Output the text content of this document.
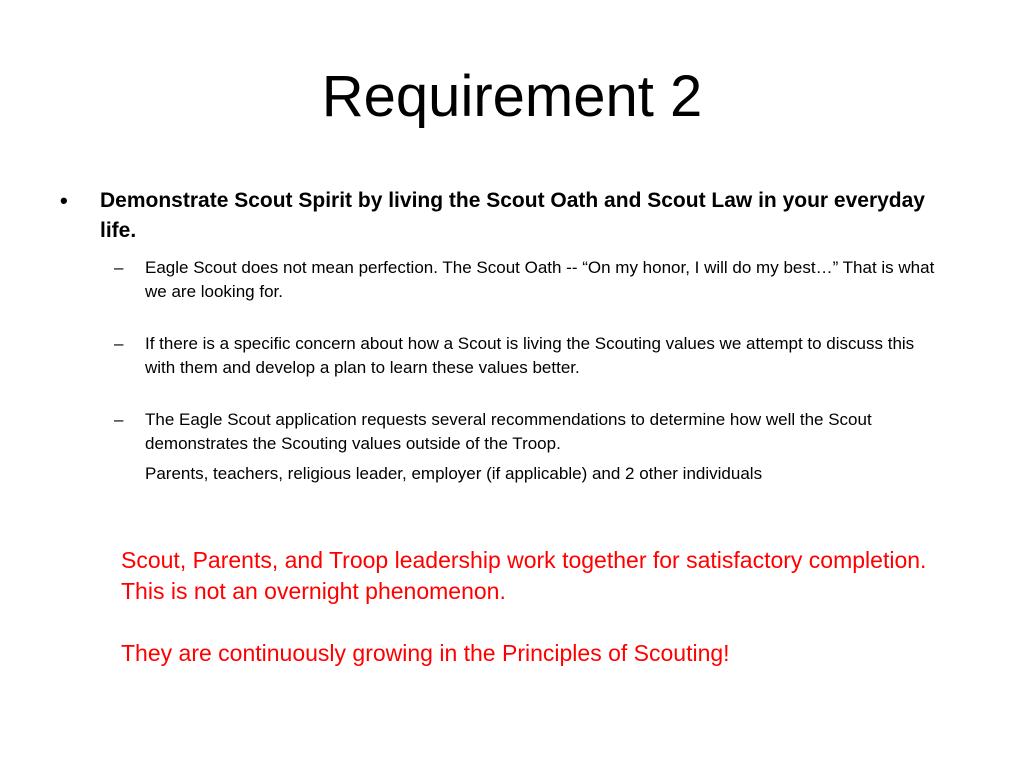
Requirement 2
•	Demonstrate Scout Spirit by living the Scout Oath and Scout Law in your everyday life.
–	Eagle Scout does not mean perfection. The Scout Oath -- “On my honor, I will do my best…” That is what we are looking for.
–	If there is a specific concern about how a Scout is living the Scouting values we attempt to discuss this with them and develop a plan to learn these values better.
–	The Eagle Scout application requests several recommendations to determine how well the Scout demonstrates the Scouting values outside of the Troop.
Parents, teachers, religious leader, employer (if applicable) and 2 other individuals
Scout, Parents, and Troop leadership work together for satisfactory completion.
This is not an overnight phenomenon.
They are continuously growing in the Principles of Scouting!
